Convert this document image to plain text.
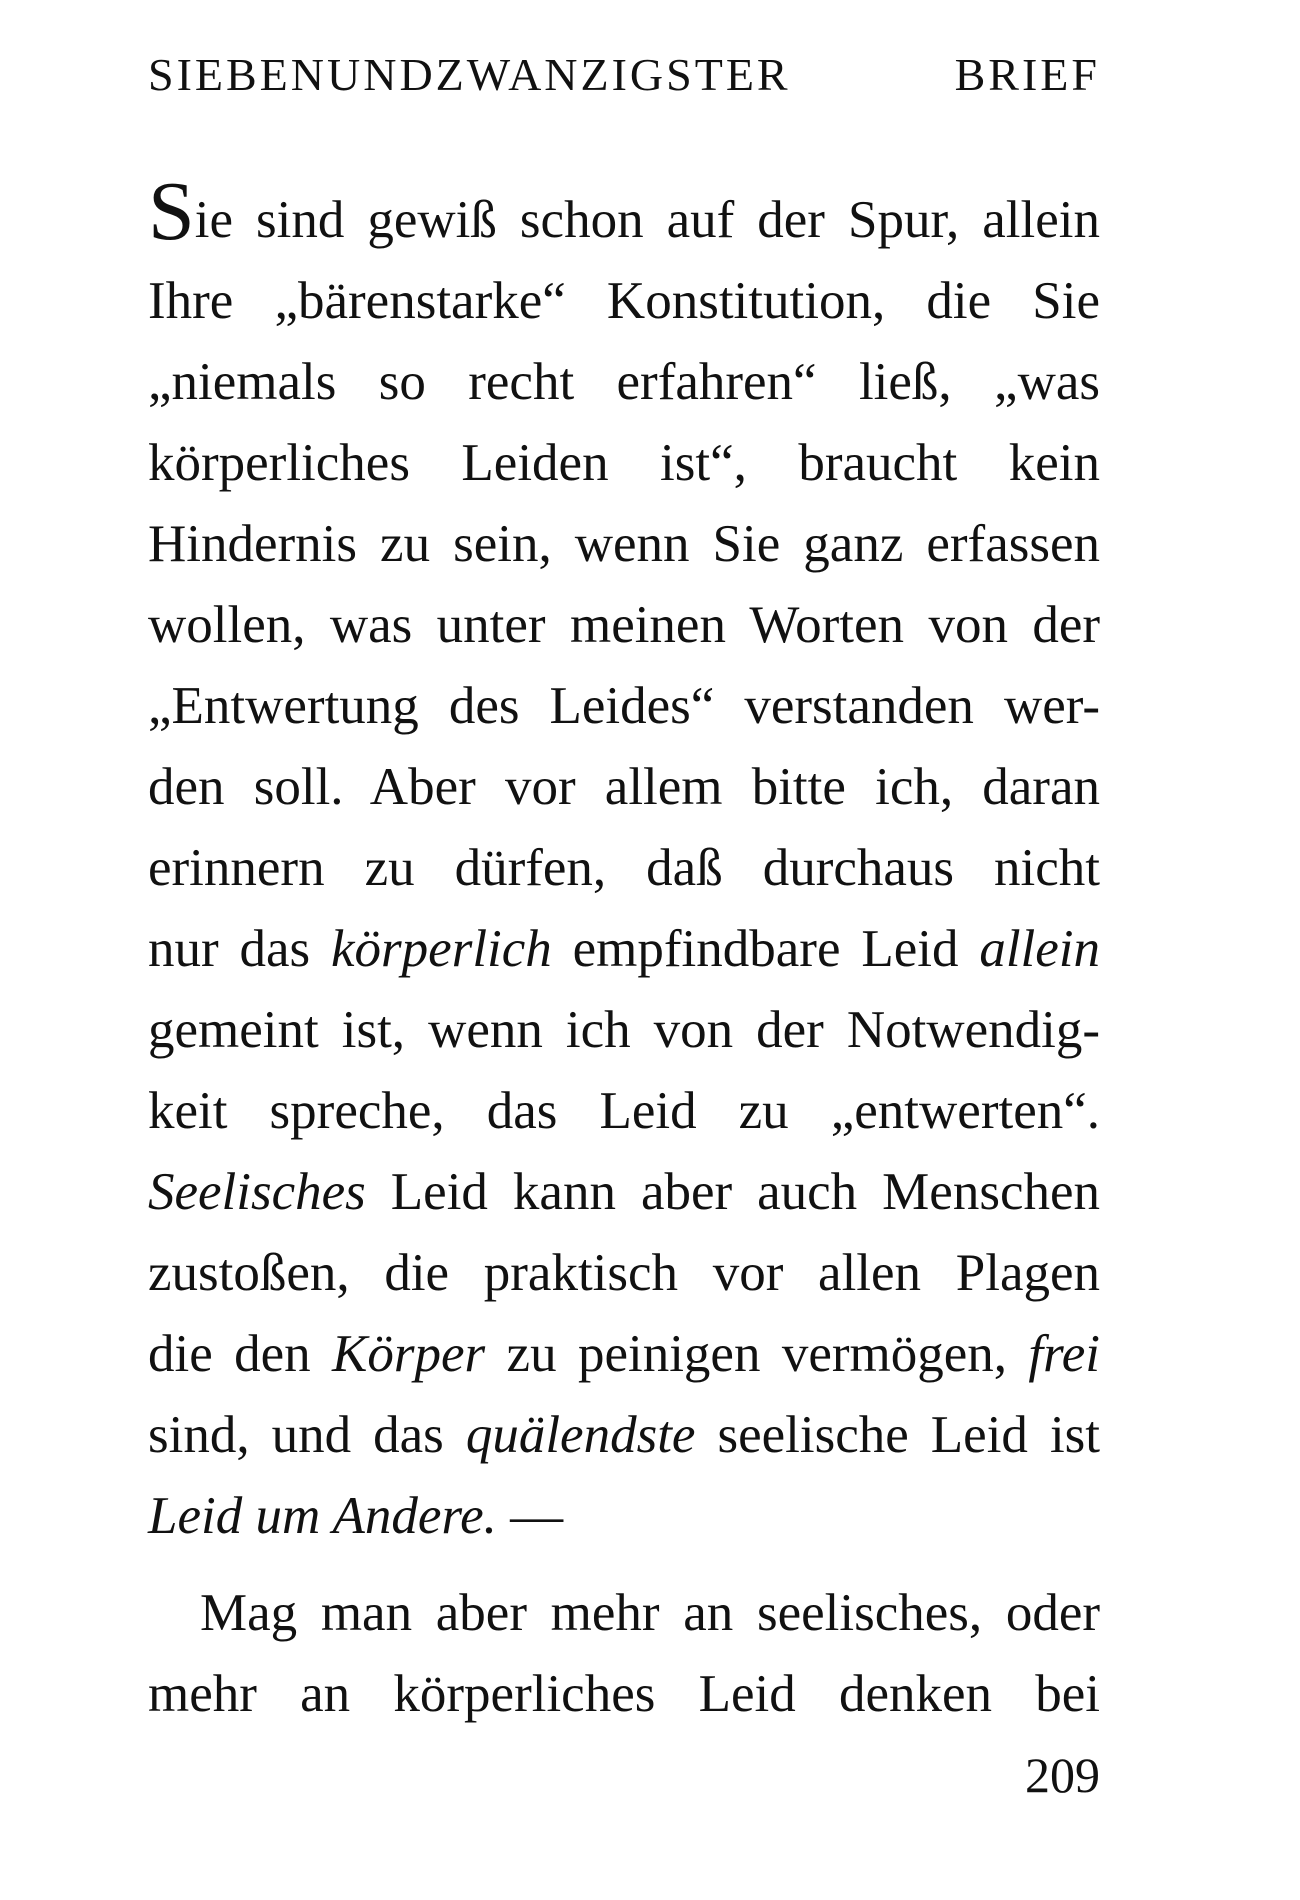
SIEBENUNDZWANZIGSTER BRIEF
Sie sind gewiß schon auf der Spur, allein
Ihre „bärenstarke“ Konstitution, die Sie
„niemals so recht erfahren“ ließ, „was
körperliches Leiden ist“, braucht kein
Hindernis zu sein, wenn Sie ganz erfassen
wollen, was unter meinen Worten von der
„Entwertung des Leides“ verstanden wer-
den soll. Aber vor allem bitte ich, daran
erinnern zu dürfen, daß durchaus nicht
nur das körperlich empfindbare Leid allein
gemeint ist, wenn ich von der Notwendig-
keit spreche, das Leid zu „entwerten“.
Seelisches Leid kann aber auch Menschen
zustoßen, die praktisch vor allen Plagen
die den Körper zu peinigen vermögen, frei
sind, und das quälendste seelische Leid ist
Leid um Andere. —
Mag man aber mehr an seelisches, oder
mehr an körperliches Leid denken bei
209
